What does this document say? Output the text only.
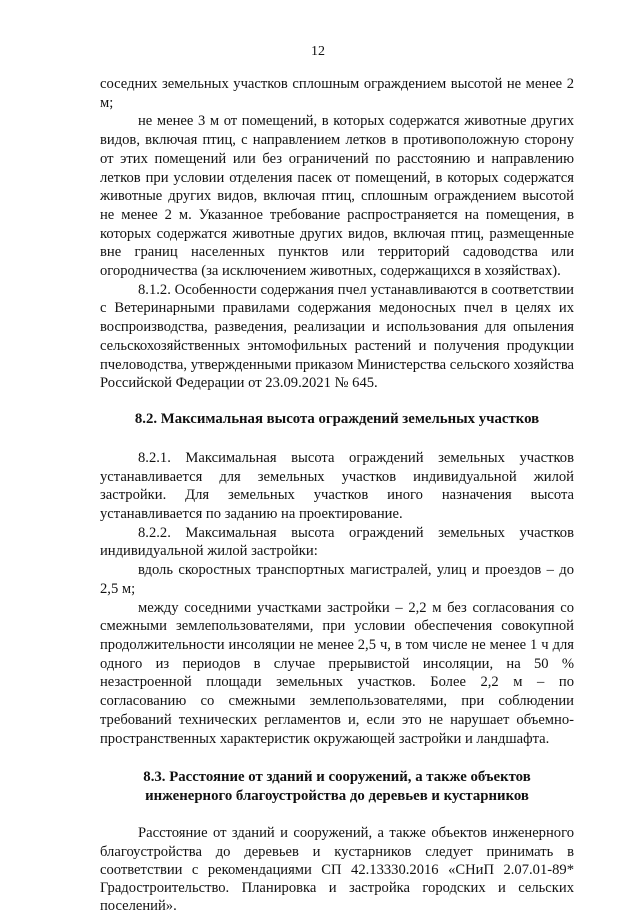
12

соседних земельных участков сплошным ограждением высотой не менее 2 м;

не менее 3 м от помещений, в которых содержатся животные других видов, включая птиц, с направлением летков в противоположную сторону от этих помещений или без ограничений по расстоянию и направлению летков при условии отделения пасек от помещений, в которых содержатся животные других видов, включая птиц, сплошным ограждением высотой не менее 2 м. Указанное требование распространяется на помещения, в которых содержатся животные других видов, включая птиц, размещенные вне границ населенных пунктов или территорий садоводства или огородничества (за исключением животных, содержащихся в хозяйствах).

8.1.2. Особенности содержания пчел устанавливаются в соответствии с Ветеринарными правилами содержания медоносных пчел в целях их воспроизводства, разведения, реализации и использования для опыления сельскохозяйственных энтомофильных растений и получения продукции пчеловодства, утвержденными приказом Министерства сельского хозяйства Российской Федерации от 23.09.2021 № 645.

8.2. Максимальная высота ограждений земельных участков

8.2.1. Максимальная высота ограждений земельных участков устанавливается для земельных участков индивидуальной жилой застройки. Для земельных участков иного назначения высота устанавливается по заданию на проектирование.

8.2.2. Максимальная высота ограждений земельных участков индивидуальной жилой застройки:

вдоль скоростных транспортных магистралей, улиц и проездов – до 2,5 м;

между соседними участками застройки – 2,2 м без согласования со смежными землепользователями, при условии обеспечения совокупной продолжительности инсоляции не менее 2,5 ч, в том числе не менее 1 ч для одного из периодов в случае прерывистой инсоляции, на 50 % незастроенной площади земельных участков. Более 2,2 м – по согласованию со смежными землепользователями, при соблюдении требований технических регламентов и, если это не нарушает объемно-пространственных характеристик окружающей застройки и ландшафта.

8.3. Расстояние от зданий и сооружений, а также объектов инженерного благоустройства до деревьев и кустарников

Расстояние от зданий и сооружений, а также объектов инженерного благоустройства до деревьев и кустарников следует принимать в соответствии с рекомендациями СП 42.13330.2016 «СНиП 2.07.01-89* Градостроительство. Планировка и застройка городских и сельских поселений».
